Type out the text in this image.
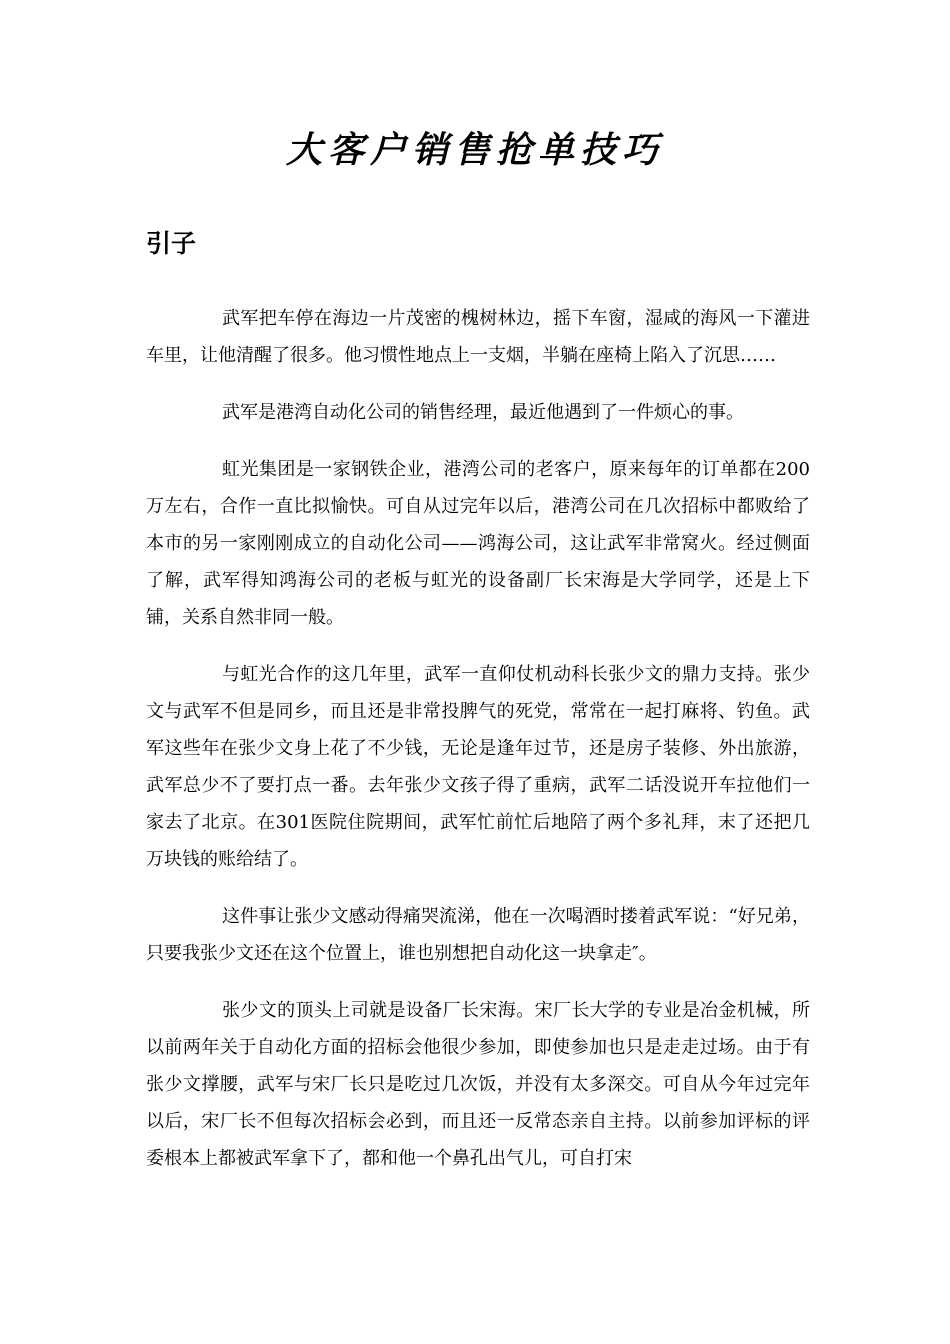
大客户销售抢单技巧
引子

武军把车停在海边一片茂密的槐树林边，摇下车窗，湿咸的海风一下灌进车里，让他清醒了很多。他习惯性地点上一支烟，半躺在座椅上陷入了沉思……

武军是港湾自动化公司的销售经理，最近他遇到了一件烦心的事。

虹光集团是一家钢铁企业，港湾公司的老客户，原来每年的订单都在200万左右，合作一直比拟愉快。可自从过完年以后，港湾公司在几次招标中都败给了本市的另一家刚刚成立的自动化公司——鸿海公司，这让武军非常窝火。经过侧面了解，武军得知鸿海公司的老板与虹光的设备副厂长宋海是大学同学，还是上下铺，关系自然非同一般。

与虹光合作的这几年里，武军一直仰仗机动科长张少文的鼎力支持。张少文与武军不但是同乡，而且还是非常投脾气的死党，常常在一起打麻将、钓鱼。武军这些年在张少文身上花了不少钱，无论是逢年过节，还是房子装修、外出旅游，武军总少不了要打点一番。去年张少文孩子得了重病，武军二话没说开车拉他们一家去了北京。在301医院住院期间，武军忙前忙后地陪了两个多礼拜，末了还把几万块钱的账给结了。

这件事让张少文感动得痛哭流涕，他在一次喝酒时搂着武军说：“好兄弟，只要我张少文还在这个位置上，谁也别想把自动化这一块拿走″。

张少文的顶头上司就是设备厂长宋海。宋厂长大学的专业是冶金机械，所以前两年关于自动化方面的招标会他很少参加，即使参加也只是走走过场。由于有张少文撑腰，武军与宋厂长只是吃过几次饭，并没有太多深交。可自从今年过完年以后，宋厂长不但每次招标会必到，而且还一反常态亲自主持。以前参加评标的评委根本上都被武军拿下了，都和他一个鼻孔出气儿，可自打宋
